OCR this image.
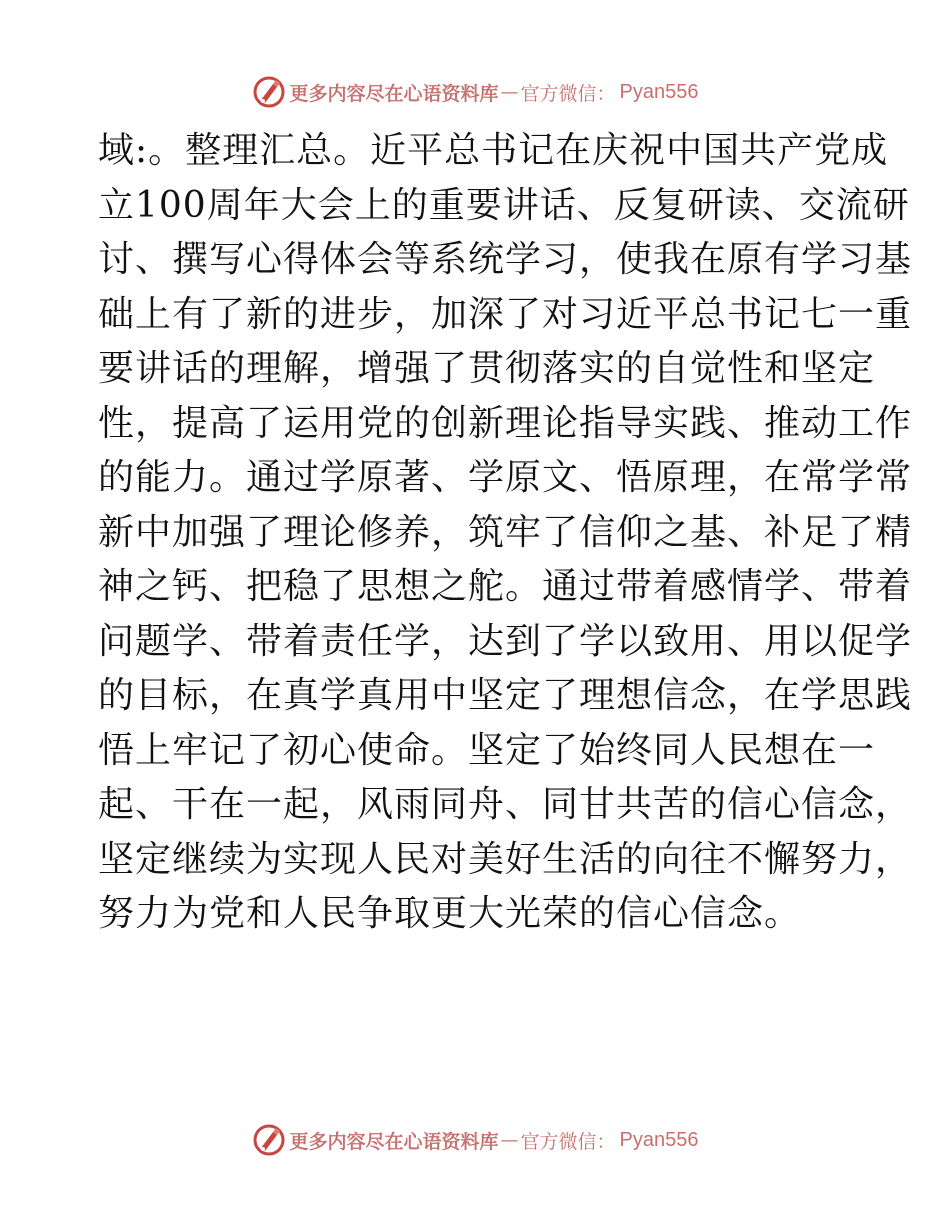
更多内容尽在心语资料库 — 官方微信： Pyan556
域:。整理汇总。近平总书记在庆祝中国共产党成
立100周年大会上的重要讲话、反复研读、交流研
讨、撰写心得体会等系统学习，使我在原有学习基
础上有了新的进步，加深了对习近平总书记七一重
要讲话的理解，增强了贯彻落实的自觉性和坚定
性，提高了运用党的创新理论指导实践、推动工作
的能力。通过学原著、学原文、悟原理，在常学常
新中加强了理论修养，筑牢了信仰之基、补足了精
神之钙、把稳了思想之舵。通过带着感情学、带着
问题学、带着责任学，达到了学以致用、用以促学
的目标，在真学真用中坚定了理想信念，在学思践
悟上牢记了初心使命。坚定了始终同人民想在一
起、干在一起，风雨同舟、同甘共苦的信心信念，
坚定继续为实现人民对美好生活的向往不懈努力，
努力为党和人民争取更大光荣的信心信念。
更多内容尽在心语资料库 — 官方微信： Pyan556
